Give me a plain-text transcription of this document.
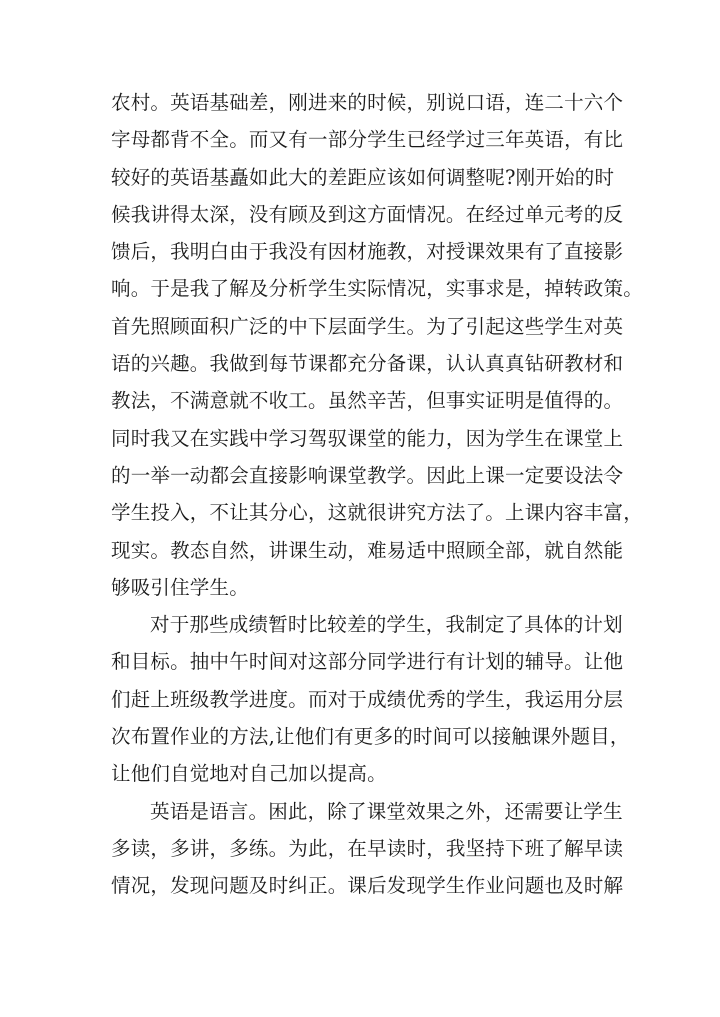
农村。英语基础差，刚进来的时候，别说口语，连二十六个
字母都背不全。而又有一部分学生已经学过三年英语，有比
较好的英语基矗如此大的差距应该如何调整呢?刚开始的时
候我讲得太深，没有顾及到这方面情况。在经过单元考的反
馈后，我明白由于我没有因材施教，对授课效果有了直接影
响。于是我了解及分析学生实际情况，实事求是，掉转政策。
首先照顾面积广泛的中下层面学生。为了引起这些学生对英
语的兴趣。我做到每节课都充分备课，认认真真钻研教材和
教法，不满意就不收工。虽然辛苦，但事实证明是值得的。
同时我又在实践中学习驾驭课堂的能力，因为学生在课堂上
的一举一动都会直接影响课堂教学。因此上课一定要设法令
学生投入，不让其分心，这就很讲究方法了。上课内容丰富，
现实。教态自然，讲课生动，难易适中照顾全部，就自然能
够吸引住学生。
对于那些成绩暂时比较差的学生，我制定了具体的计划
和目标。抽中午时间对这部分同学进行有计划的辅导。让他
们赶上班级教学进度。而对于成绩优秀的学生，我运用分层
次布置作业的方法,让他们有更多的时间可以接触课外题目，
让他们自觉地对自己加以提高。
英语是语言。困此，除了课堂效果之外，还需要让学生
多读，多讲，多练。为此，在早读时，我坚持下班了解早读
情况，发现问题及时纠正。课后发现学生作业问题也及时解
